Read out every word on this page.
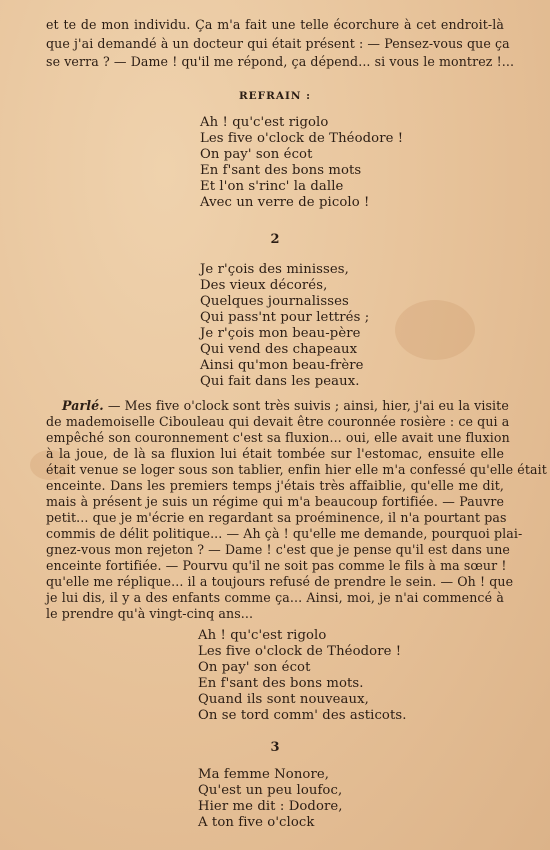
et te de mon individu. Ça m'a fait une telle écorchure à cet endroit-là
que j'ai demandé à un docteur qui était présent : — Pensez-vous que ça
se verra ? — Dame ! qu'il me répond, ça dépend... si vous le montrez !...
REFRAIN :
Ah ! qu'c'est rigolo
Les five o'clock de Théodore !
On pay' son écot
En f'sant des bons mots
Et l'on s'rinc' la dalle
Avec un verre de picolo !
2
Je r'çois des minisses,
Des vieux décorés,
Quelques journalisses
Qui pass'nt pour lettrés ;
Je r'çois mon beau-père
Qui vend des chapeaux
Ainsi qu'mon beau-frère
Qui fait dans les peaux.
Parlé. — Mes five o'clock sont très suivis ; ainsi, hier, j'ai eu la visite
de mademoiselle Cibouleau qui devait être couronnée rosière : ce qui a
empêché son couronnement c'est sa fluxion... oui, elle avait une fluxion
à la joue, de là sa fluxion lui était tombée sur l'estomac, ensuite elle
était venue se loger sous son tablier, enfin hier elle m'a confessé qu'elle était
enceinte. Dans les premiers temps j'étais très affaiblie, qu'elle me dit,
mais à présent je suis un régime qui m'a beaucoup fortifiée. — Pauvre
petit... que je m'écrie en regardant sa proéminence, il n'a pourtant pas
commis de délit politique... — Ah çà ! qu'elle me demande, pourquoi plai-
gnez-vous mon rejeton ? — Dame ! c'est que je pense qu'il est dans une
enceinte fortifiée. — Pourvu qu'il ne soit pas comme le fils à ma sœur !
qu'elle me réplique... il a toujours refusé de prendre le sein. — Oh ! que
je lui dis, il y a des enfants comme ça... Ainsi, moi, je n'ai commencé à
le prendre qu'à vingt-cinq ans...
Ah ! qu'c'est rigolo
Les five o'clock de Théodore !
On pay' son écot
En f'sant des bons mots.
Quand ils sont nouveaux,
On se tord comm' des asticots.
3
Ma femme Nonore,
Qu'est un peu loufoc,
Hier me dit : Dodore,
A ton five o'clock
